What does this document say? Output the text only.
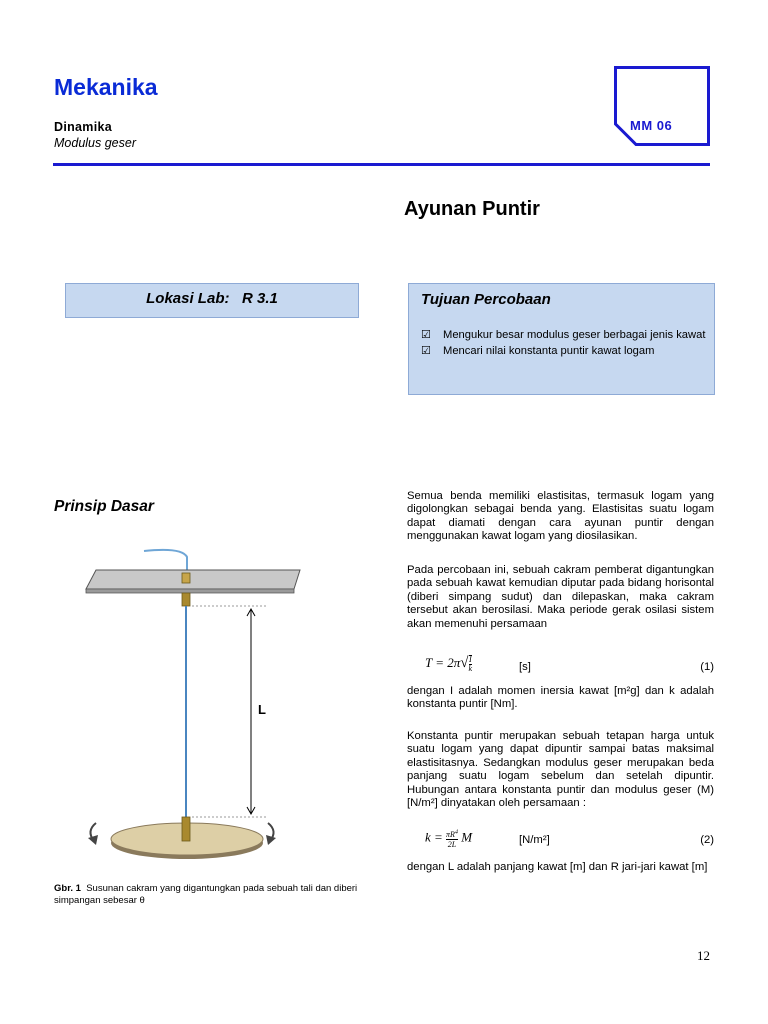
Mekanika
Dinamika
Modulus geser
MM 06
Ayunan Puntir
Lokasi Lab: R 3.1	Tujuan Percobaan
☑	Mengukur besar modulus geser berbagai jenis kawat
☑	Mencari nilai konstanta puntir kawat logam
Prinsip Dasar
L
Gbr. 1 Susunan cakram yang digantungkan pada sebuah tali dan diberi simpangan sebesar θ
Semua benda memiliki elastisitas, termasuk logam yang digolongkan sebagai benda yang. Elastisitas suatu logam dapat diamati dengan cara ayunan puntir dengan menggunakan kawat logam yang diosilasikan.
Pada percobaan ini, sebuah cakram pemberat digantungkan pada sebuah kawat kemudian diputar pada bidang horisontal (diberi simpang sudut) dan dilepaskan, maka cakram tersebut akan berosilasi. Maka periode gerak osilasi sistem akan memenuhi persamaan
$T = 2\pi√\frac{I}{k}$	[s]	(1)
dengan I adalah momen inersia kawat [m²g] dan k adalah konstanta puntir [Nm].
Konstanta puntir merupakan sebuah tetapan harga untuk suatu logam yang dapat dipuntir sampai batas maksimal elastisitasnya. Sedangkan modulus geser merupakan beda panjang suatu logam sebelum dan setelah dipuntir. Hubungan antara konstanta puntir dan modulus geser (M) [N/m²] dinyatakan oleh persamaan :
$k = \frac{\pi R^4}{2L}$ M	[N/m²]	(2)
dengan L adalah panjang kawat [m] dan R jari-jari kawat [m]
12
